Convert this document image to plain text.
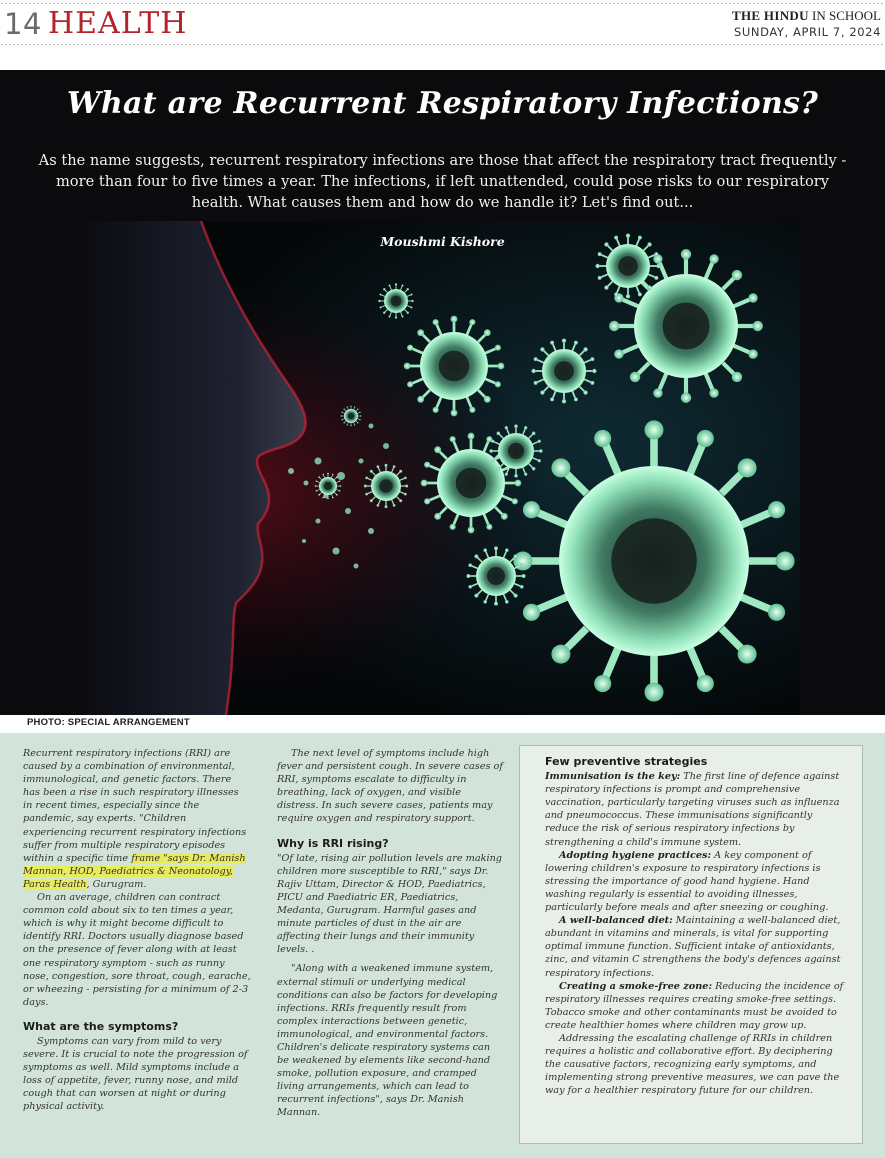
14 HEALTH	THE HINDU IN SCHOOL
SUNDAY, APRIL 7, 2024
What are Recurrent Respiratory Infections?

As the name suggests, recurrent respiratory infections are those that affect the respiratory tract frequently - more than four to five times a year. The infections, if left unattended, could pose risks to our respiratory health. What causes them and how do we handle it? Let's find out...

Moushmi Kishore
PHOTO: SPECIAL ARRANGEMENT

Recurrent respiratory infections (RRI) are caused by a combination of environmental, immunological, and genetic factors. There has been a rise in such respiratory illnesses in recent times, especially since the pandemic, say experts. "Children experiencing recurrent respiratory infections suffer from multiple respiratory episodes within a specific time frame "says Dr. Manish Mannan, HOD, Paediatrics & Neonatology, Paras Health, Gurugram.

On an average, children can contract common cold about six to ten times a year, which is why it might become difficult to identify RRI. Doctors usually diagnose based on the presence of fever along with at least one respiratory symptom - such as runny nose, congestion, sore throat, cough, earache, or wheezing - persisting for a minimum of 2-3 days.

What are the symptoms?

Symptoms can vary from mild to very severe. It is crucial to note the progression of symptoms as well. Mild symptoms include a loss of appetite, fever, runny nose, and mild cough that can worsen at night or during physical activity.

The next level of symptoms include high fever and persistent cough. In severe cases of RRI, symptoms escalate to difficulty in breathing, lack of oxygen, and visible distress. In such severe cases, patients may require oxygen and respiratory support.

Why is RRI rising?

"Of late, rising air pollution levels are making children more susceptible to RRI," says Dr. Rajiv Uttam, Director & HOD, Paediatrics, PICU and Paediatric ER, Paediatrics, Medanta, Gurugram. Harmful gases and minute particles of dust in the air are affecting their lungs and their immunity levels. .

"Along with a weakened immune system, external stimuli or underlying medical conditions can also be factors for developing infections. RRIs frequently result from complex interactions between genetic, immunological, and environmental factors. Children's delicate respiratory systems can be weakened by elements like second-hand smoke, pollution exposure, and cramped living arrangements, which can lead to recurrent infections", says Dr. Manish Mannan.

Few preventive strategies

Immunisation is the key: The first line of defence against respiratory infections is prompt and comprehensive vaccination, particularly targeting viruses such as influenza and pneumococcus. These immunisations significantly reduce the risk of serious respiratory infections by strengthening a child's immune system.

Adopting hygiene practices: A key component of lowering children's exposure to respiratory infections is stressing the importance of good hand hygiene. Hand washing regularly is essential to avoiding illnesses, particularly before meals and after sneezing or coughing.

A well-balanced diet: Maintaining a well-balanced diet, abundant in vitamins and minerals, is vital for supporting optimal immune function. Sufficient intake of antioxidants, zinc, and vitamin C strengthens the body's defences against respiratory infections.

Creating a smoke-free zone: Reducing the incidence of respiratory illnesses requires creating smoke-free settings. Tobacco smoke and other contaminants must be avoided to create healthier homes where children may grow up.

Addressing the escalating challenge of RRIs in children requires a holistic and collaborative effort. By deciphering the causative factors, recognizing early symptoms, and implementing strong preventive measures, we can pave the way for a healthier respiratory future for our children.
